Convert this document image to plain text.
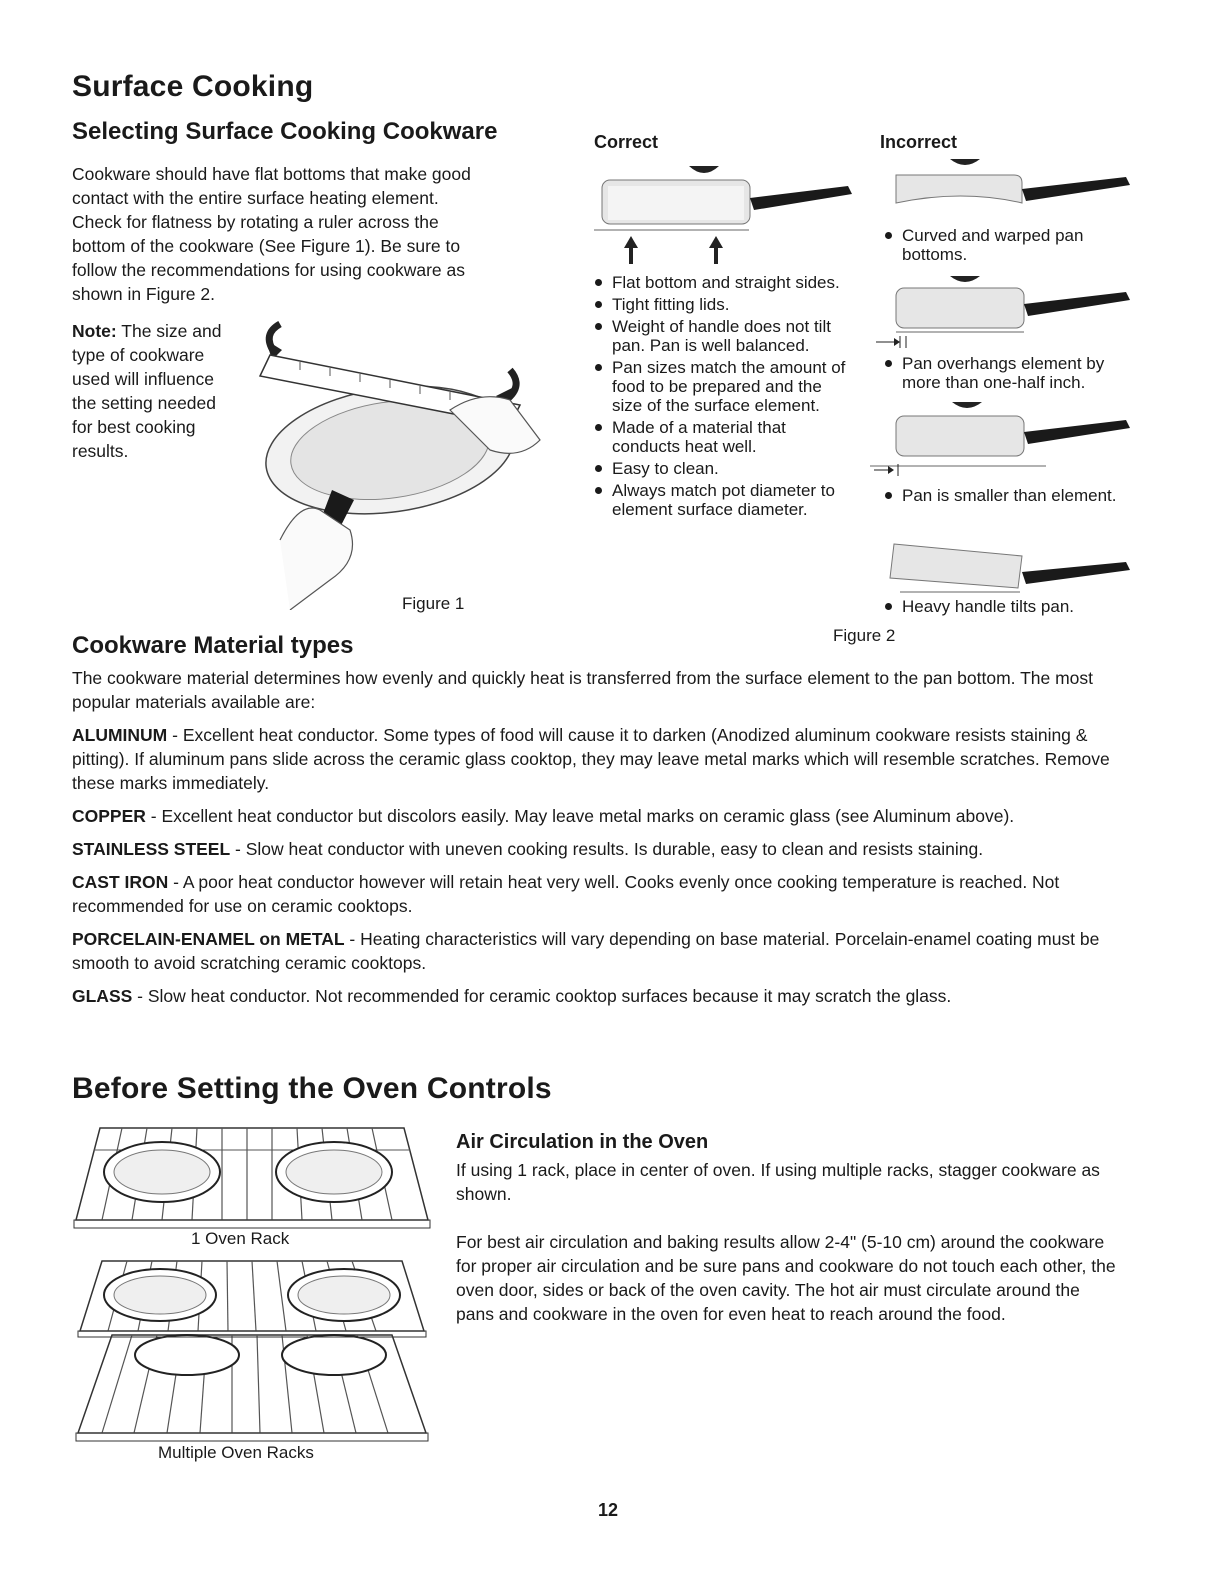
Surface Cooking
Selecting Surface Cooking Cookware
Cookware should have flat bottoms that make good contact with the entire surface heating element. Check for flatness by rotating a ruler across the bottom of the cookware (See Figure 1). Be sure to follow the recommendations for using cookware as shown in Figure 2.
Note: The size and type of cookware used will influence the setting needed for best cooking results.
Figure 1
Correct
Flat bottom and straight sides.
Tight fitting lids.
Weight of handle does not tilt pan. Pan is well balanced.
Pan sizes match the amount of food to be prepared and the size of the surface element.
Made of a material that conducts heat well.
Easy to clean.
Always match pot diameter to element surface diameter.
Incorrect
Curved and warped pan bottoms.
Pan overhangs element by more than one-half inch.
Pan is smaller than element.
Heavy handle tilts pan.
Figure 2
Cookware Material types

The cookware material determines how evenly and quickly heat is transferred from the surface element to the pan bottom. The most popular materials available are:

ALUMINUM - Excellent heat conductor. Some types of food will cause it to darken (Anodized aluminum cookware resists staining & pitting). If aluminum pans slide across the ceramic glass cooktop, they may leave metal marks which will resemble scratches. Remove these marks immediately.

COPPER - Excellent heat conductor but discolors easily. May leave metal marks on ceramic glass (see Aluminum above).

STAINLESS STEEL - Slow heat conductor with uneven cooking results. Is durable, easy to clean and resists staining.

CAST IRON - A poor heat conductor however will retain heat very well. Cooks evenly once cooking temperature is reached. Not recommended for use on ceramic cooktops.

PORCELAIN-ENAMEL on METAL - Heating characteristics will vary depending on base material. Porcelain-enamel coating must be smooth to avoid scratching ceramic cooktops.

GLASS - Slow heat conductor. Not recommended for ceramic cooktop surfaces because it may scratch the glass.

Before Setting the Oven Controls
1 Oven Rack
Multiple Oven Racks
Air Circulation in the Oven
If using 1 rack, place in center of oven. If using multiple racks, stagger cookware as shown.
For best air circulation and baking results allow 2-4" (5-10 cm) around the cookware for proper air circulation and be sure pans and cookware do not touch each other, the oven door, sides or back of the oven cavity. The hot air must circulate around the pans and cookware in the oven for even heat to reach around the food.
12
